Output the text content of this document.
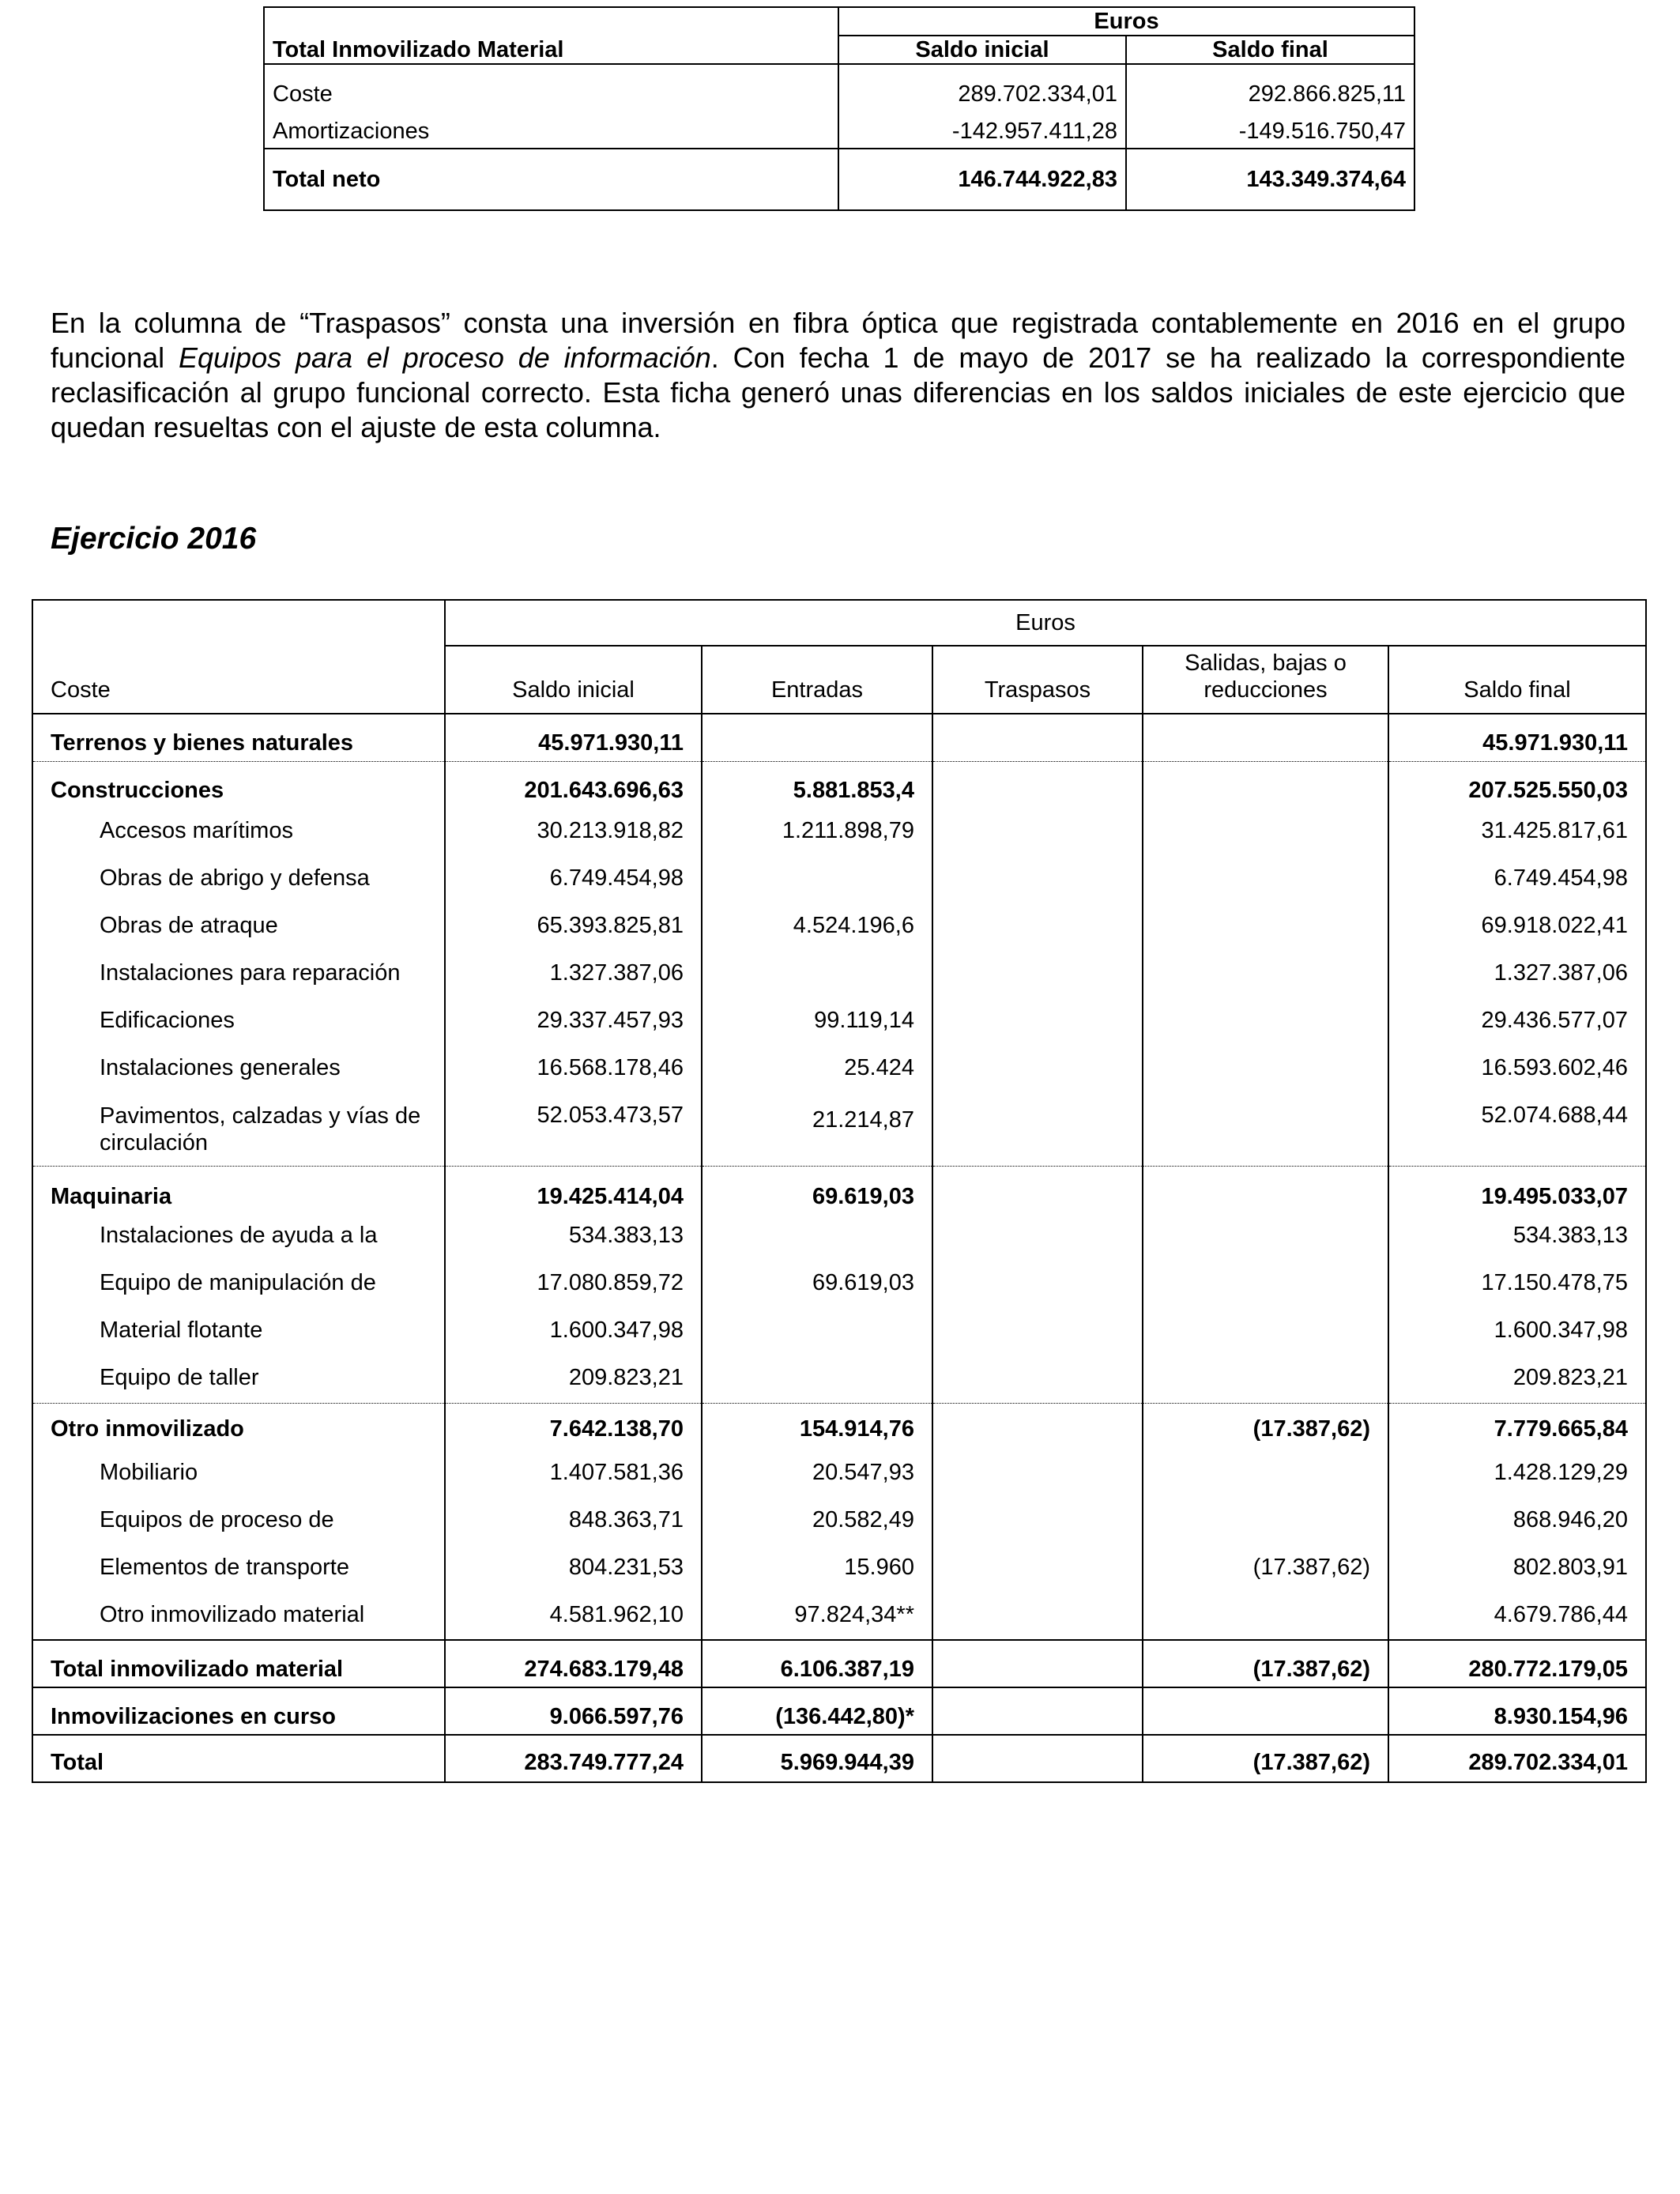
	Euros	
Total Inmovilizado Material	Saldo inicial	Saldo final
Coste	289.702.334,01	292.866.825,11
Amortizaciones	-142.957.411,28	-149.516.750,47
Total neto	146.744.922,83	143.349.374,64

En la columna de “Traspasos” consta una inversión en fibra óptica que registrada contablemente en 2016 en el grupo funcional Equipos para el proceso de información. Con fecha 1 de mayo de 2017 se ha realizado la correspondiente reclasificación al grupo funcional correcto. Esta ficha generó unas diferencias en los saldos iniciales de este ejercicio que quedan resueltas con el ajuste de esta columna.

Ejercicio 2016
	Euros				
Coste	Saldo inicial	Entradas	Traspasos	Salidas, bajas o reducciones	Saldo final
Terrenos y bienes naturales	45.971.930,11				45.971.930,11
Construcciones	201.643.696,63	5.881.853,4			207.525.550,03
Accesos marítimos	30.213.918,82	1.211.898,79			31.425.817,61
Obras de abrigo y defensa	6.749.454,98				6.749.454,98
Obras de atraque	65.393.825,81	4.524.196,6			69.918.022,41
Instalaciones para reparación	1.327.387,06				1.327.387,06
Edificaciones	29.337.457,93	99.119,14			29.436.577,07
Instalaciones generales	16.568.178,46	25.424			16.593.602,46
Pavimentos, calzadas y vías de circulación	52.053.473,57	21.214,87			52.074.688,44
Maquinaria	19.425.414,04	69.619,03			19.495.033,07
Instalaciones de ayuda a la	534.383,13				534.383,13
Equipo de manipulación de	17.080.859,72	69.619,03			17.150.478,75
Material flotante	1.600.347,98				1.600.347,98
Equipo de taller	209.823,21				209.823,21
Otro inmovilizado	7.642.138,70	154.914,76		(17.387,62)	7.779.665,84
Mobiliario	1.407.581,36	20.547,93			1.428.129,29
Equipos de proceso de	848.363,71	20.582,49			868.946,20
Elementos de transporte	804.231,53	15.960		(17.387,62)	802.803,91
Otro inmovilizado material	4.581.962,10	97.824,34**			4.679.786,44
Total inmovilizado material	274.683.179,48	6.106.387,19		(17.387,62)	280.772.179,05
Inmovilizaciones en curso	9.066.597,76	(136.442,80)*			8.930.154,96
Total	283.749.777,24	5.969.944,39		(17.387,62)	289.702.334,01
